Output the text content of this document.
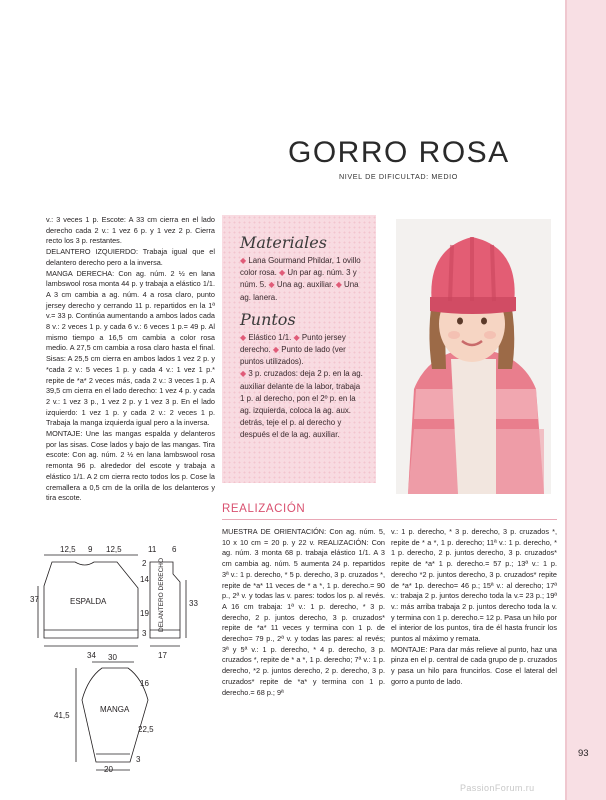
GORRO ROSA
NIVEL DE DIFICULTAD: MEDIO

v.: 3 veces 1 p. Escote: A 33 cm cierra en el lado derecho cada 2 v.: 1 vez 6 p. y 1 vez 2 p. Cierra recto los 3 p. restantes.

DELANTERO IZQUIERDO: Trabaja igual que el delantero derecho pero a la inversa.

MANGA DERECHA: Con ag. núm. 2 ½ en lana lambswool rosa monta 44 p. y trabaja a elástico 1/1. A 3 cm cambia a ag. núm. 4 a rosa claro, punto jersey derecho y cerrando 11 p. repartidos en la 1ª v.= 33 p. Continúa aumentando a ambos lados cada 8 v.: 2 veces 1 p. y cada 6 v.: 6 veces 1 p.= 49 p. Al mismo tiempo a 16,5 cm cambia a color rosa medio. A 27,5 cm cambia a rosa claro hasta el final. Sisas: A 25,5 cm cierra en ambos lados 1 vez 2 p. y *cada 2 v.: 5 veces 1 p. y cada 4 v.: 1 vez 1 p.* repite de *a* 2 veces más, cada 2 v.: 3 veces 1 p. A 39,5 cm cierra en el lado derecho: 1 vez 4 p. y cada 2 v.: 1 vez 3 p., 1 vez 2 p. y 1 vez 3 p. En el lado izquierdo: 1 vez 1 p. y cada 2 v.: 2 veces 1 p. Trabaja la manga izquierda igual pero a la inversa.

MONTAJE: Une las mangas espalda y delanteros por las sisas. Cose lados y bajo de las mangas. Tira escote: Con ag. núm. 2 ½ en lana lambswool rosa remonta 96 p. alrededor del escote y trabaja a elástico 1/1. A 2 cm cierra recto todos los p. Cose la cremallera a 0,5 cm de la orilla de los delanteros y tira escote.

Materiales
◆ Lana Gourmand Phildar, 1 ovillo color rosa. ◆ Un par ag. núm. 3 y núm. 5. ◆ Una ag. auxiliar. ◆ Una ag. lanera.
Puntos
◆ Elástico 1/1. ◆ Punto jersey derecho. ◆ Punto de lado (ver puntos utilizados).
◆ 3 p. cruzados: deja 2 p. en la ag. auxiliar delante de la labor, trabaja 1 p. al derecho, pon el 2º p. en la ag. izquierda, coloca la ag. aux. detrás, teje el p. al derecho y después el de la ag. auxiliar.
REALIZACIÓN

MUESTRA DE ORIENTACIÓN: Con ag. núm. 5, 10 x 10 cm = 20 p. y 22 v. REALIZACIÓN: Con ag. núm. 3 monta 68 p. trabaja elástico 1/1. A 3 cm cambia ag. núm. 5 aumenta 24 p. repartidos 3ª v.: 1 p. derecho, * 5 p. derecho, 3 p. cruzados *, repite de *a* 11 veces de * a *, 1 p. derecho.= 90 p., 2ª v. y todas las v. pares: todos los p. al revés. A 16 cm trabaja: 1ª v.: 1 p. derecho, * 3 p. derecho, 2 p. juntos derecho, 3 p. cruzados* repite de *a* 11 veces y termina con 1 p. de derecho= 79 p., 2ª v. y todas las pares: al revés; 3ª y 5ª v.: 1 p. derecho, * 4 p. derecho, 3 p. cruzados *, repite de * a *, 1 p. derecho; 7ª v.: 1 p. derecho, *2 p. juntos derecho, 2 p. derecho, 3 p. cruzados* repite de *a* y termina con 1 p. derecho.= 68 p.; 9ª

v.: 1 p. derecho, * 3 p. derecho, 3 p. cruzados *, repite de * a *, 1 p. derecho; 11ª v.: 1 p. derecho, * 1 p. derecho, 2 p. juntos derecho, 3 p. cruzados* repite de *a* 1 p. derecho.= 57 p.; 13ª v.: 1 p. derecho *2 p. juntos derecho, 3 p. cruzados* repite de *a* 1p. derecho= 46 p.; 15ª v.: al derecho; 17ª v.: trabaja 2 p. juntos derecho toda la v.= 23 p.; 19ª v.: más arriba trabaja 2 p. juntos derecho toda la v. y termina con 1 p. derecho.= 12 p. Pasa un hilo por el interior de los puntos, tira de él hasta fruncir los puntos al máximo y remata.

MONTAJE: Para dar más relieve al punto, haz una pinza en el p. central de cada grupo de p. cruzados y pasa un hilo para fruncirlos. Cose el lateral del gorro a punto de lado.

12,5 9 12,5	11 6
37
2
14
33
19
3
34	17
ESPALDA	DELANTERO DERECHO
30
16
41,5
22,5
3
20
MANGA
93
PassionForum.ru
